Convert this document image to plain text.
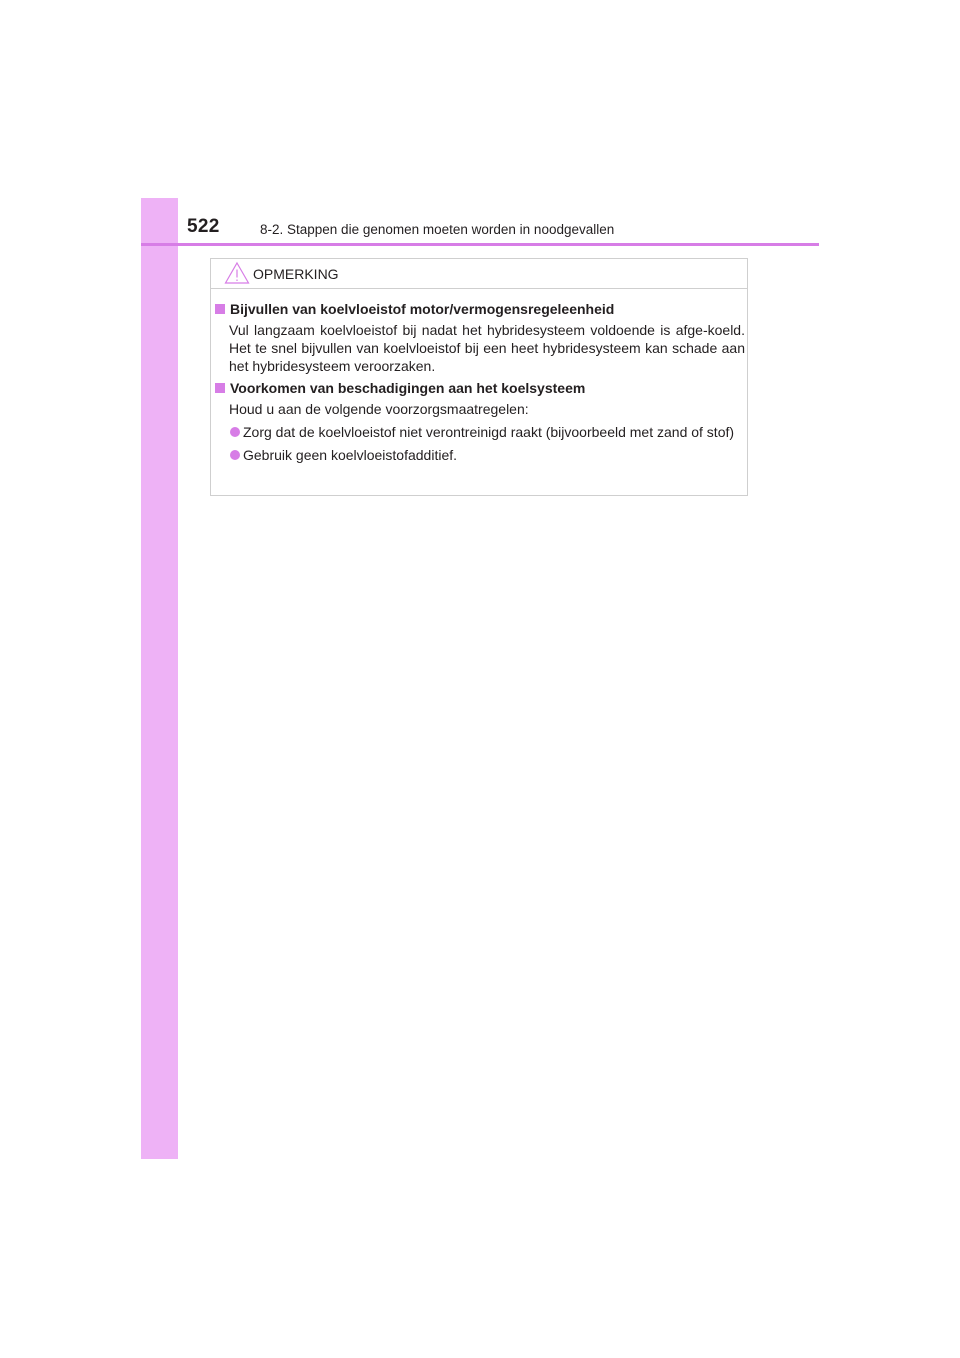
522	8-2. Stappen die genomen moeten worden in noodgevallen
OPMERKING
Bijvullen van koelvloeistof motor/vermogensregeleenheid
Vul langzaam koelvloeistof bij nadat het hybridesysteem voldoende is afge-koeld. Het te snel bijvullen van koelvloeistof bij een heet hybridesysteem kan schade aan het hybridesysteem veroorzaken.
Voorkomen van beschadigingen aan het koelsysteem
Houd u aan de volgende voorzorgsmaatregelen:
Zorg dat de koelvloeistof niet verontreinigd raakt (bijvoorbeeld met zand of stof)
Gebruik geen koelvloeistofadditief.
